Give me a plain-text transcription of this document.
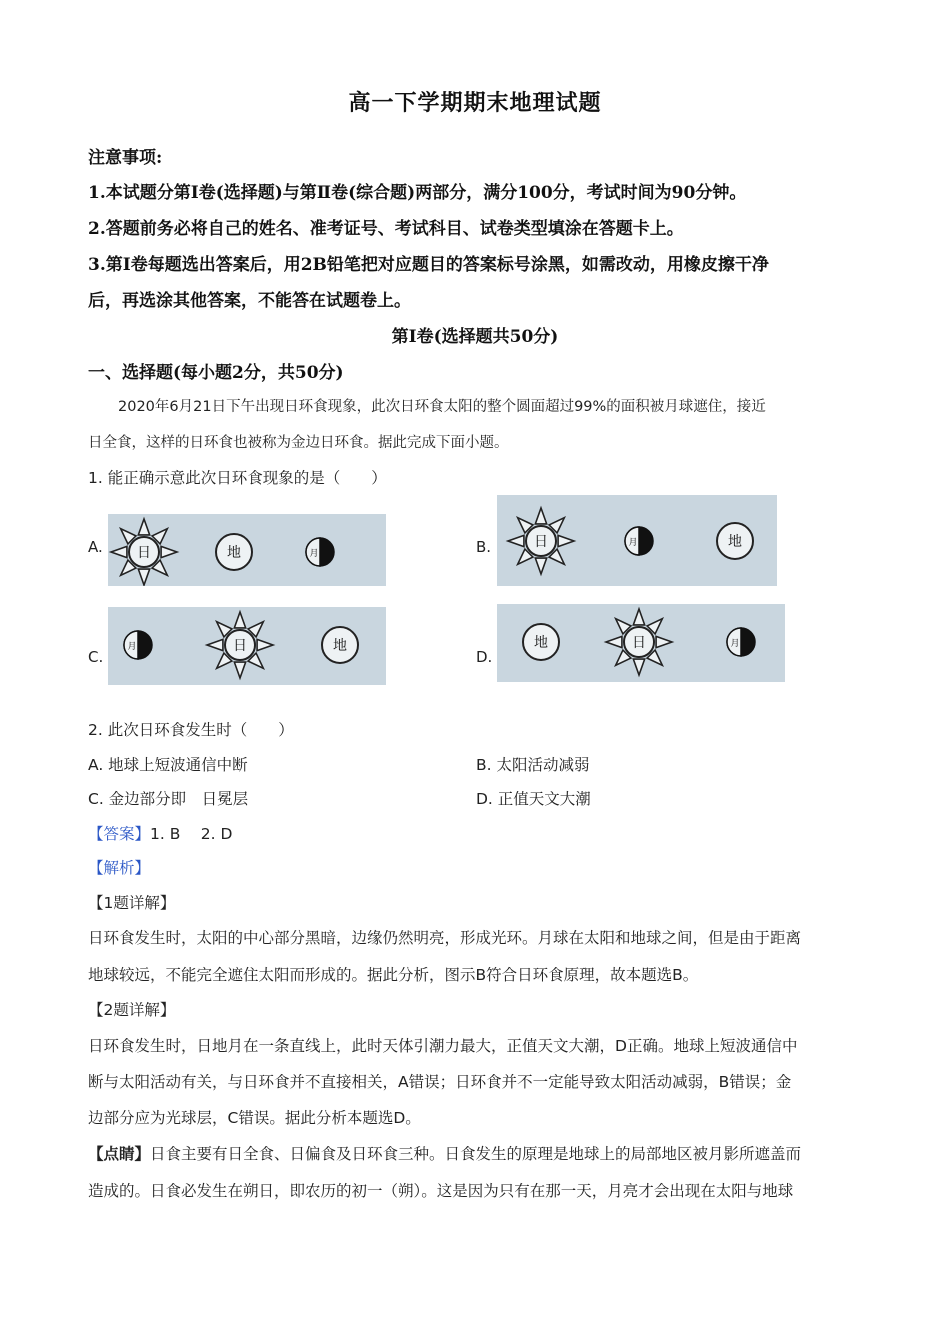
高一下学期期末地理试题
注意事项:
1.本试题分第Ⅰ卷(选择题)与第Ⅱ卷(综合题)两部分，满分100分，考试时间为90分钟。
2.答题前务必将自己的姓名、准考证号、考试科目、试卷类型填涂在答题卡上。
3.第Ⅰ卷每题选出答案后，用2B铅笔把对应题目的答案标号涂黑，如需改动，用橡皮擦干净
后，再选涂其他答案，不能答在试题卷上。
第Ⅰ卷(选择题共50分)
一、选择题(每小题2分，共50分)
2020年6月21日下午出现日环食现象，此次日环食太阳的整个圆面超过99%的面积被月球遮住，接近
日全食，这样的日环食也被称为金边日环食。据此完成下面小题。
1. 能正确示意此次日环食现象的是（　　）
A. 日	地	月	B.	日	月	地
C.
月	日	地
D.
地	日	月
2. 此次日环食发生时（　　）
A. 地球上短波通信中断	B. 太阳活动减弱
C. 金边部分即　日冕层	D. 正值天文大潮
【答案】1. B　 2. D
【解析】
【1题详解】
日环食发生时，太阳的中心部分黑暗，边缘仍然明亮，形成光环。月球在太阳和地球之间，但是由于距离
地球较远，不能完全遮住太阳而形成的。据此分析，图示B符合日环食原理，故本题选B。
【2题详解】
日环食发生时，日地月在一条直线上，此时天体引潮力最大，正值天文大潮，D正确。地球上短波通信中
断与太阳活动有关，与日环食并不直接相关，A错误；日环食并不一定能导致太阳活动减弱，B错误；金
边部分应为光球层，C错误。据此分析本题选D。
【点睛】日食主要有日全食、日偏食及日环食三种。日食发生的原理是地球上的局部地区被月影所遮盖而
造成的。日食必发生在朔日，即农历的初一（朔）。这是因为只有在那一天，月亮才会出现在太阳与地球
